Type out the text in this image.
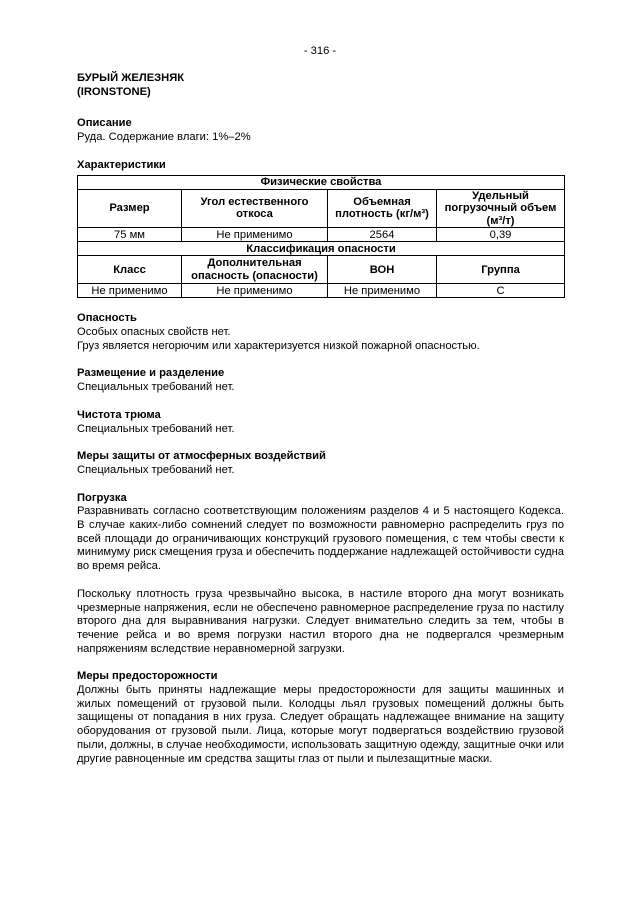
- 316 -

БУРЫЙ ЖЕЛЕЗНЯК

(IRONSTONE)

Описание

Руда. Содержание влаги: 1%–2%

Характеристики
Физические свойства			
Размер	Угол естественного откоса	Объемная плотность (кг/м³)	Удельный погрузочный объем (м³/т)
75 мм	Не применимо	2564	0,39
Классификация опасности			
Класс	Дополнительная опасность (опасности)	ВОН	Группа
Не применимо	Не применимо	Не применимо	С
Опасность

Особых опасных свойств нет.

Груз является негорючим или характеризуется низкой пожарной опасностью.

Размещение и разделение

Специальных требований нет.

Чистота трюма

Специальных требований нет.

Меры защиты от атмосферных воздействий

Специальных требований нет.

Погрузка

Разравнивать согласно соответствующим положениям разделов 4 и 5 настоящего Кодекса. В случае каких-либо сомнений следует по возможности равномерно распределить груз по всей площади до ограничивающих конструкций грузового помещения, с тем чтобы свести к минимуму риск смещения груза и обеспечить поддержание надлежащей остойчивости судна во время рейса.

Поскольку плотность груза чрезвычайно высока, в настиле второго дна могут возникать чрезмерные напряжения, если не обеспечено равномерное распределение груза по настилу второго дна для выравнивания нагрузки. Следует внимательно следить за тем, чтобы в течение рейса и во время погрузки настил второго дна не подвергался чрезмерным напряжениям вследствие неравномерной загрузки.

Меры предосторожности

Должны быть приняты надлежащие меры предосторожности для защиты машинных и жилых помещений от грузовой пыли. Колодцы льял грузовых помещений должны быть защищены от попадания в них груза. Следует обращать надлежащее внимание на защиту оборудования от грузовой пыли. Лица, которые могут подвергаться воздействию грузовой пыли, должны, в случае необходимости, использовать защитную одежду, защитные очки или другие равноценные им средства защиты глаз от пыли и пылезащитные маски.
